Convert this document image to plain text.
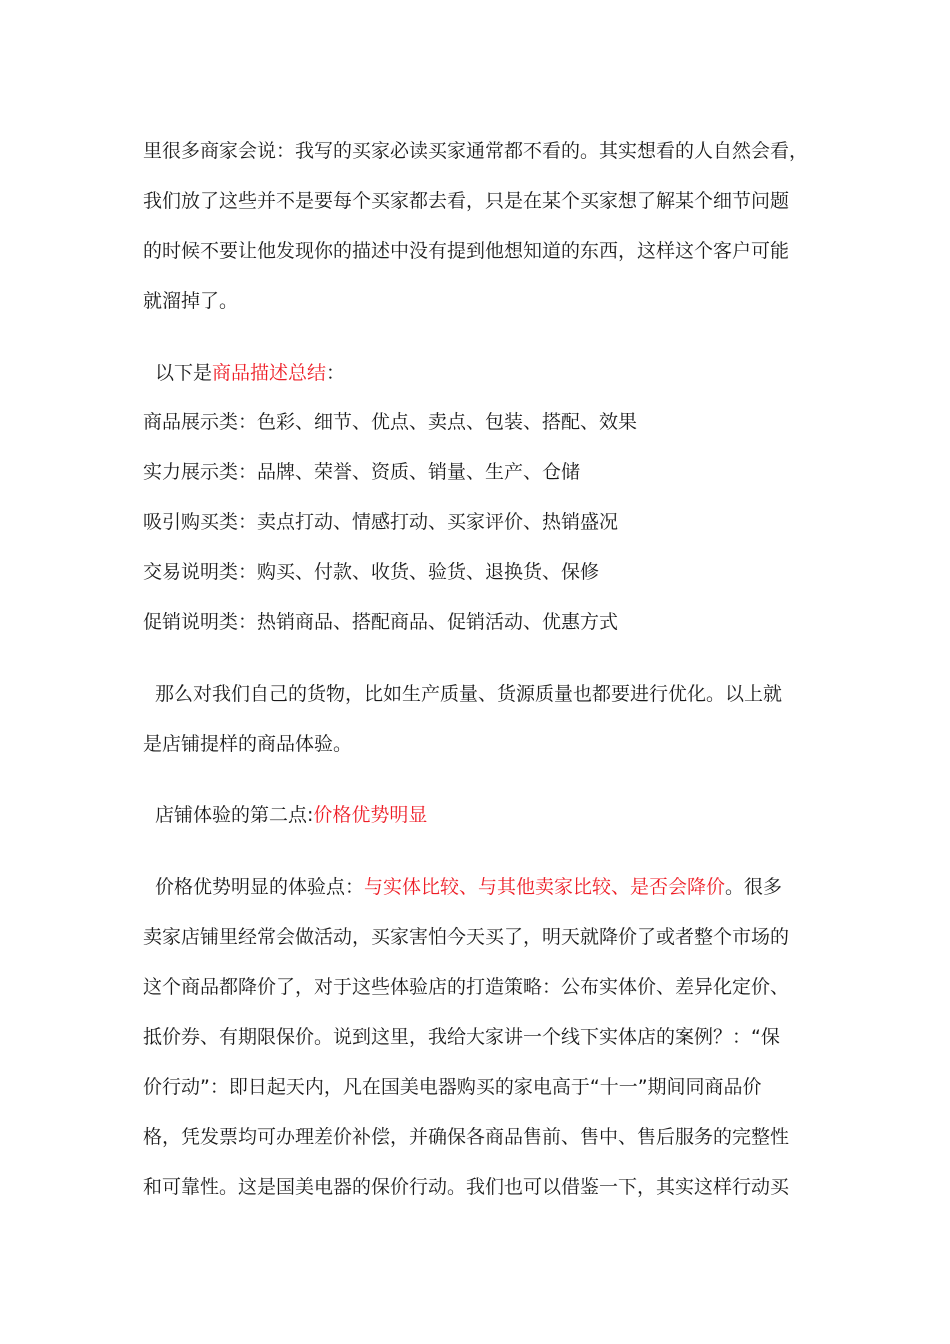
里很多商家会说：我写的买家必读买家通常都不看的。其实想看的人自然会看，
我们放了这些并不是要每个买家都去看，只是在某个买家想了解某个细节问题
的时候不要让他发现你的描述中没有提到他想知道的东西，这样这个客户可能
就溜掉了。
以下是商品描述总结：
商品展示类：色彩、细节、优点、卖点、包装、搭配、效果
实力展示类：品牌、荣誉、资质、销量、生产、仓储
吸引购买类：卖点打动、情感打动、买家评价、热销盛况
交易说明类：购买、付款、收货、验货、退换货、保修
促销说明类：热销商品、搭配商品、促销活动、优惠方式
那么对我们自己的货物，比如生产质量、货源质量也都要进行优化。以上就
是店铺提样的商品体验。
店铺体验的第二点:价格优势明显
价格优势明显的体验点：与实体比较、与其他卖家比较、是否会降价。很多
卖家店铺里经常会做活动，买家害怕今天买了，明天就降价了或者整个市场的
这个商品都降价了，对于这些体验店的打造策略：公布实体价、差异化定价、
抵价券、有期限保价。说到这里，我给大家讲一个线下实体店的案例？：“保
价行动”：即日起天内，凡在国美电器购买的家电高于“十一”期间同商品价
格，凭发票均可办理差价补偿，并确保各商品售前、售中、售后服务的完整性
和可靠性。这是国美电器的保价行动。我们也可以借鉴一下，其实这样行动买
